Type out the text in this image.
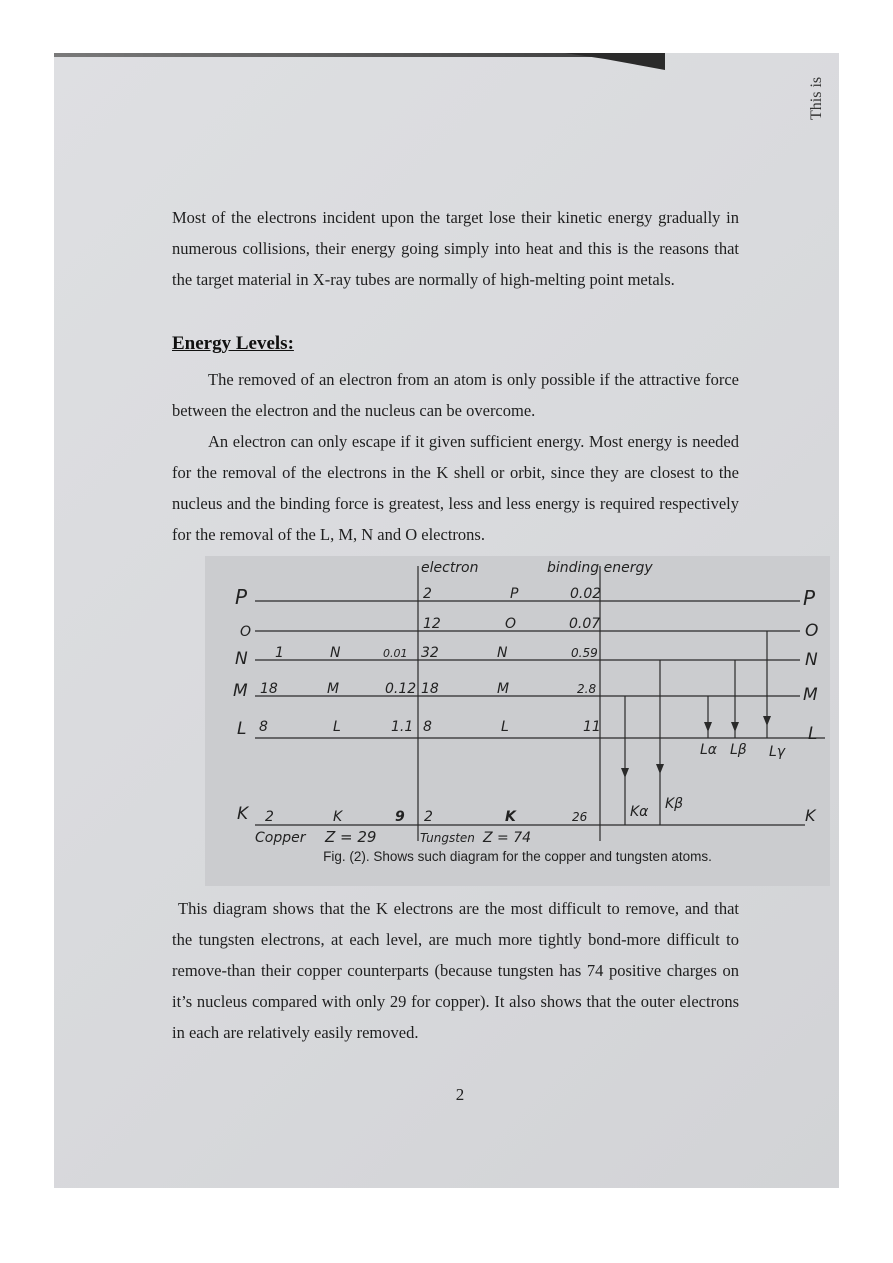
This is

Most of the electrons incident upon the target lose their kinetic energy gradually in numerous collisions, their energy going simply into heat and this is the reasons that the target material in X-ray tubes are normally of high-melting point metals.

Energy Levels:

The removed of an electron from an atom is only possible if the attractive force between the electron and the nucleus can be overcome.

An electron can only escape if it given sufficient energy. Most energy is needed for the removal of the electrons in the K shell or orbit, since they are closest to the nucleus and the binding force is greatest, less and less energy is required respectively for the removal of the L, M, N and O electrons.

electron	binding energy
P	2	P	0.02	P
O	12	O	0.07	O
N 1	N	0.01 32	N	0.59	N
M 18	M	0.12 18	M	2.8	M
L 8	L	1.1 8	L	11	L
K 2	K	9 2	K	26	K
Kα Kβ
Lα Lβ Lγ
Copper Z = 29	Tungsten Z = 74
Fig. (2). Shows such diagram for the copper and tungsten atoms.

This diagram shows that the K electrons are the most difficult to remove, and that the tungsten electrons, at each level, are much more tightly bond-more difficult to remove-than their copper counterparts (because tungsten has 74 positive charges on it’s nucleus compared with only 29 for copper). It also shows that the outer electrons in each are relatively easily removed.

2
